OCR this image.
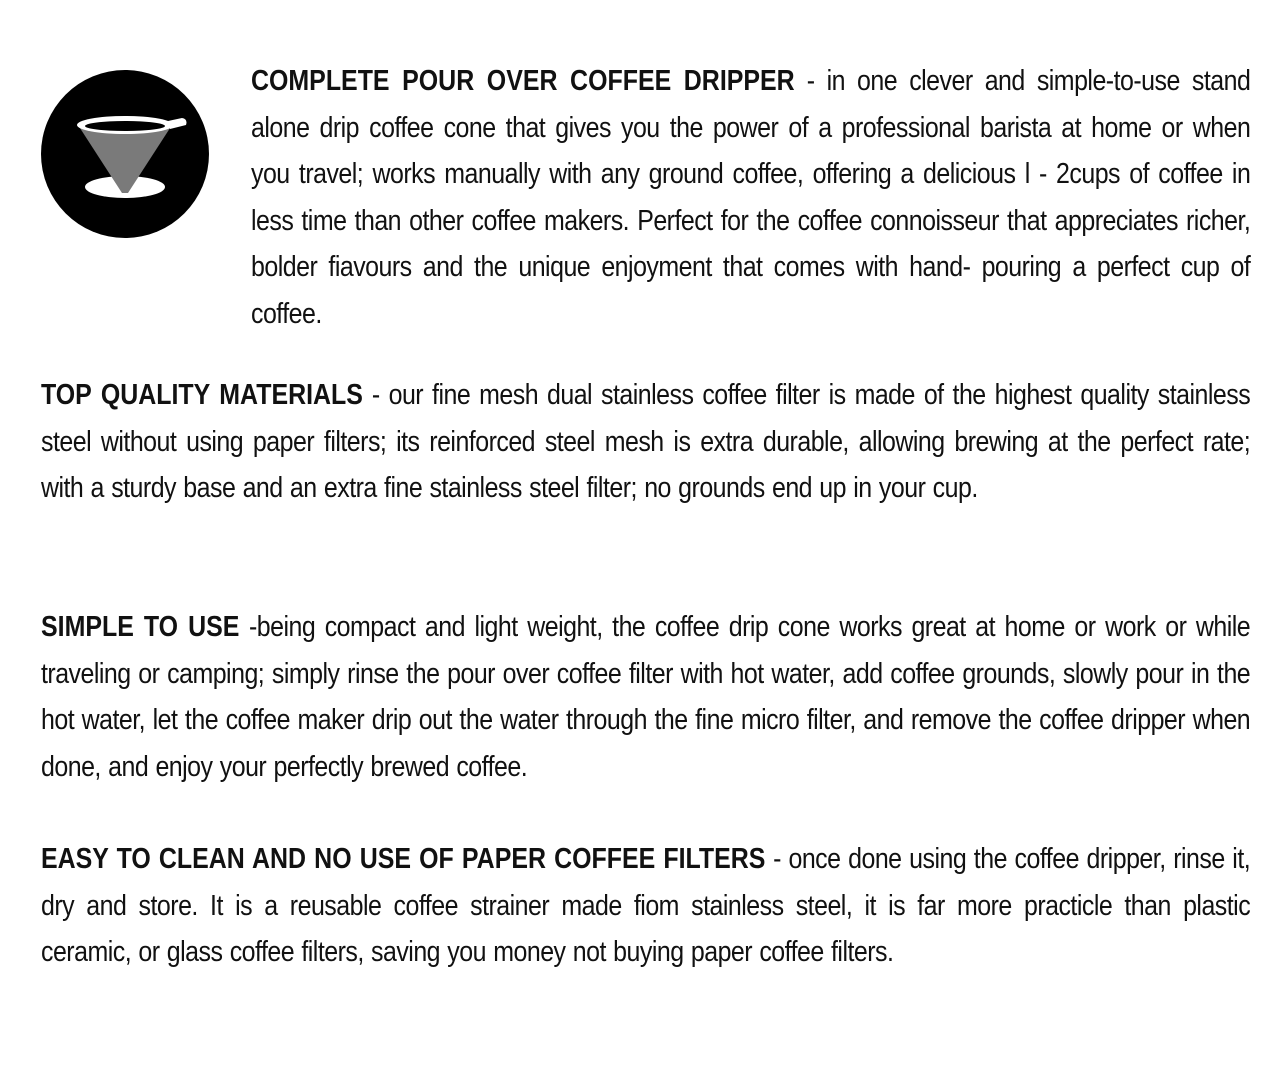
COMPLETE POUR OVER COFFEE DRIPPER - in one clever and simple-to-use stand alone drip coffee cone that gives you the power of a professional barista at home or when you travel; works manually with any ground coffee, offering a delicious l - 2cups of coffee in less time than other coffee makers. Perfect for the coffee connoisseur that appreciates richer, bolder fiavours and the unique enjoyment that comes with hand- pouring a perfect cup of coffee.

TOP QUALITY MATERIALS - our fine mesh dual stainless coffee filter is made of the highest quality stainless steel without using paper filters; its reinforced steel mesh is extra durable, allowing brewing at the perfect rate; with a sturdy base and an extra fine stainless steel filter; no grounds end up in your cup.

SIMPLE TO USE -being compact and light weight, the coffee drip cone works great at home or work or while traveling or camping; simply rinse the pour over coffee filter with hot water, add coffee grounds, slowly pour in the hot water, let the coffee maker drip out the water through the fine micro filter, and remove the coffee dripper when done, and enjoy your perfectly brewed coffee.

EASY TO CLEAN AND NO USE OF PAPER COFFEE FILTERS - once done using the coffee dripper, rinse it, dry and store. It is a reusable coffee strainer made fiom stainless steel, it is far more practicle than plastic ceramic, or glass coffee filters, saving you money not buying paper coffee filters.
